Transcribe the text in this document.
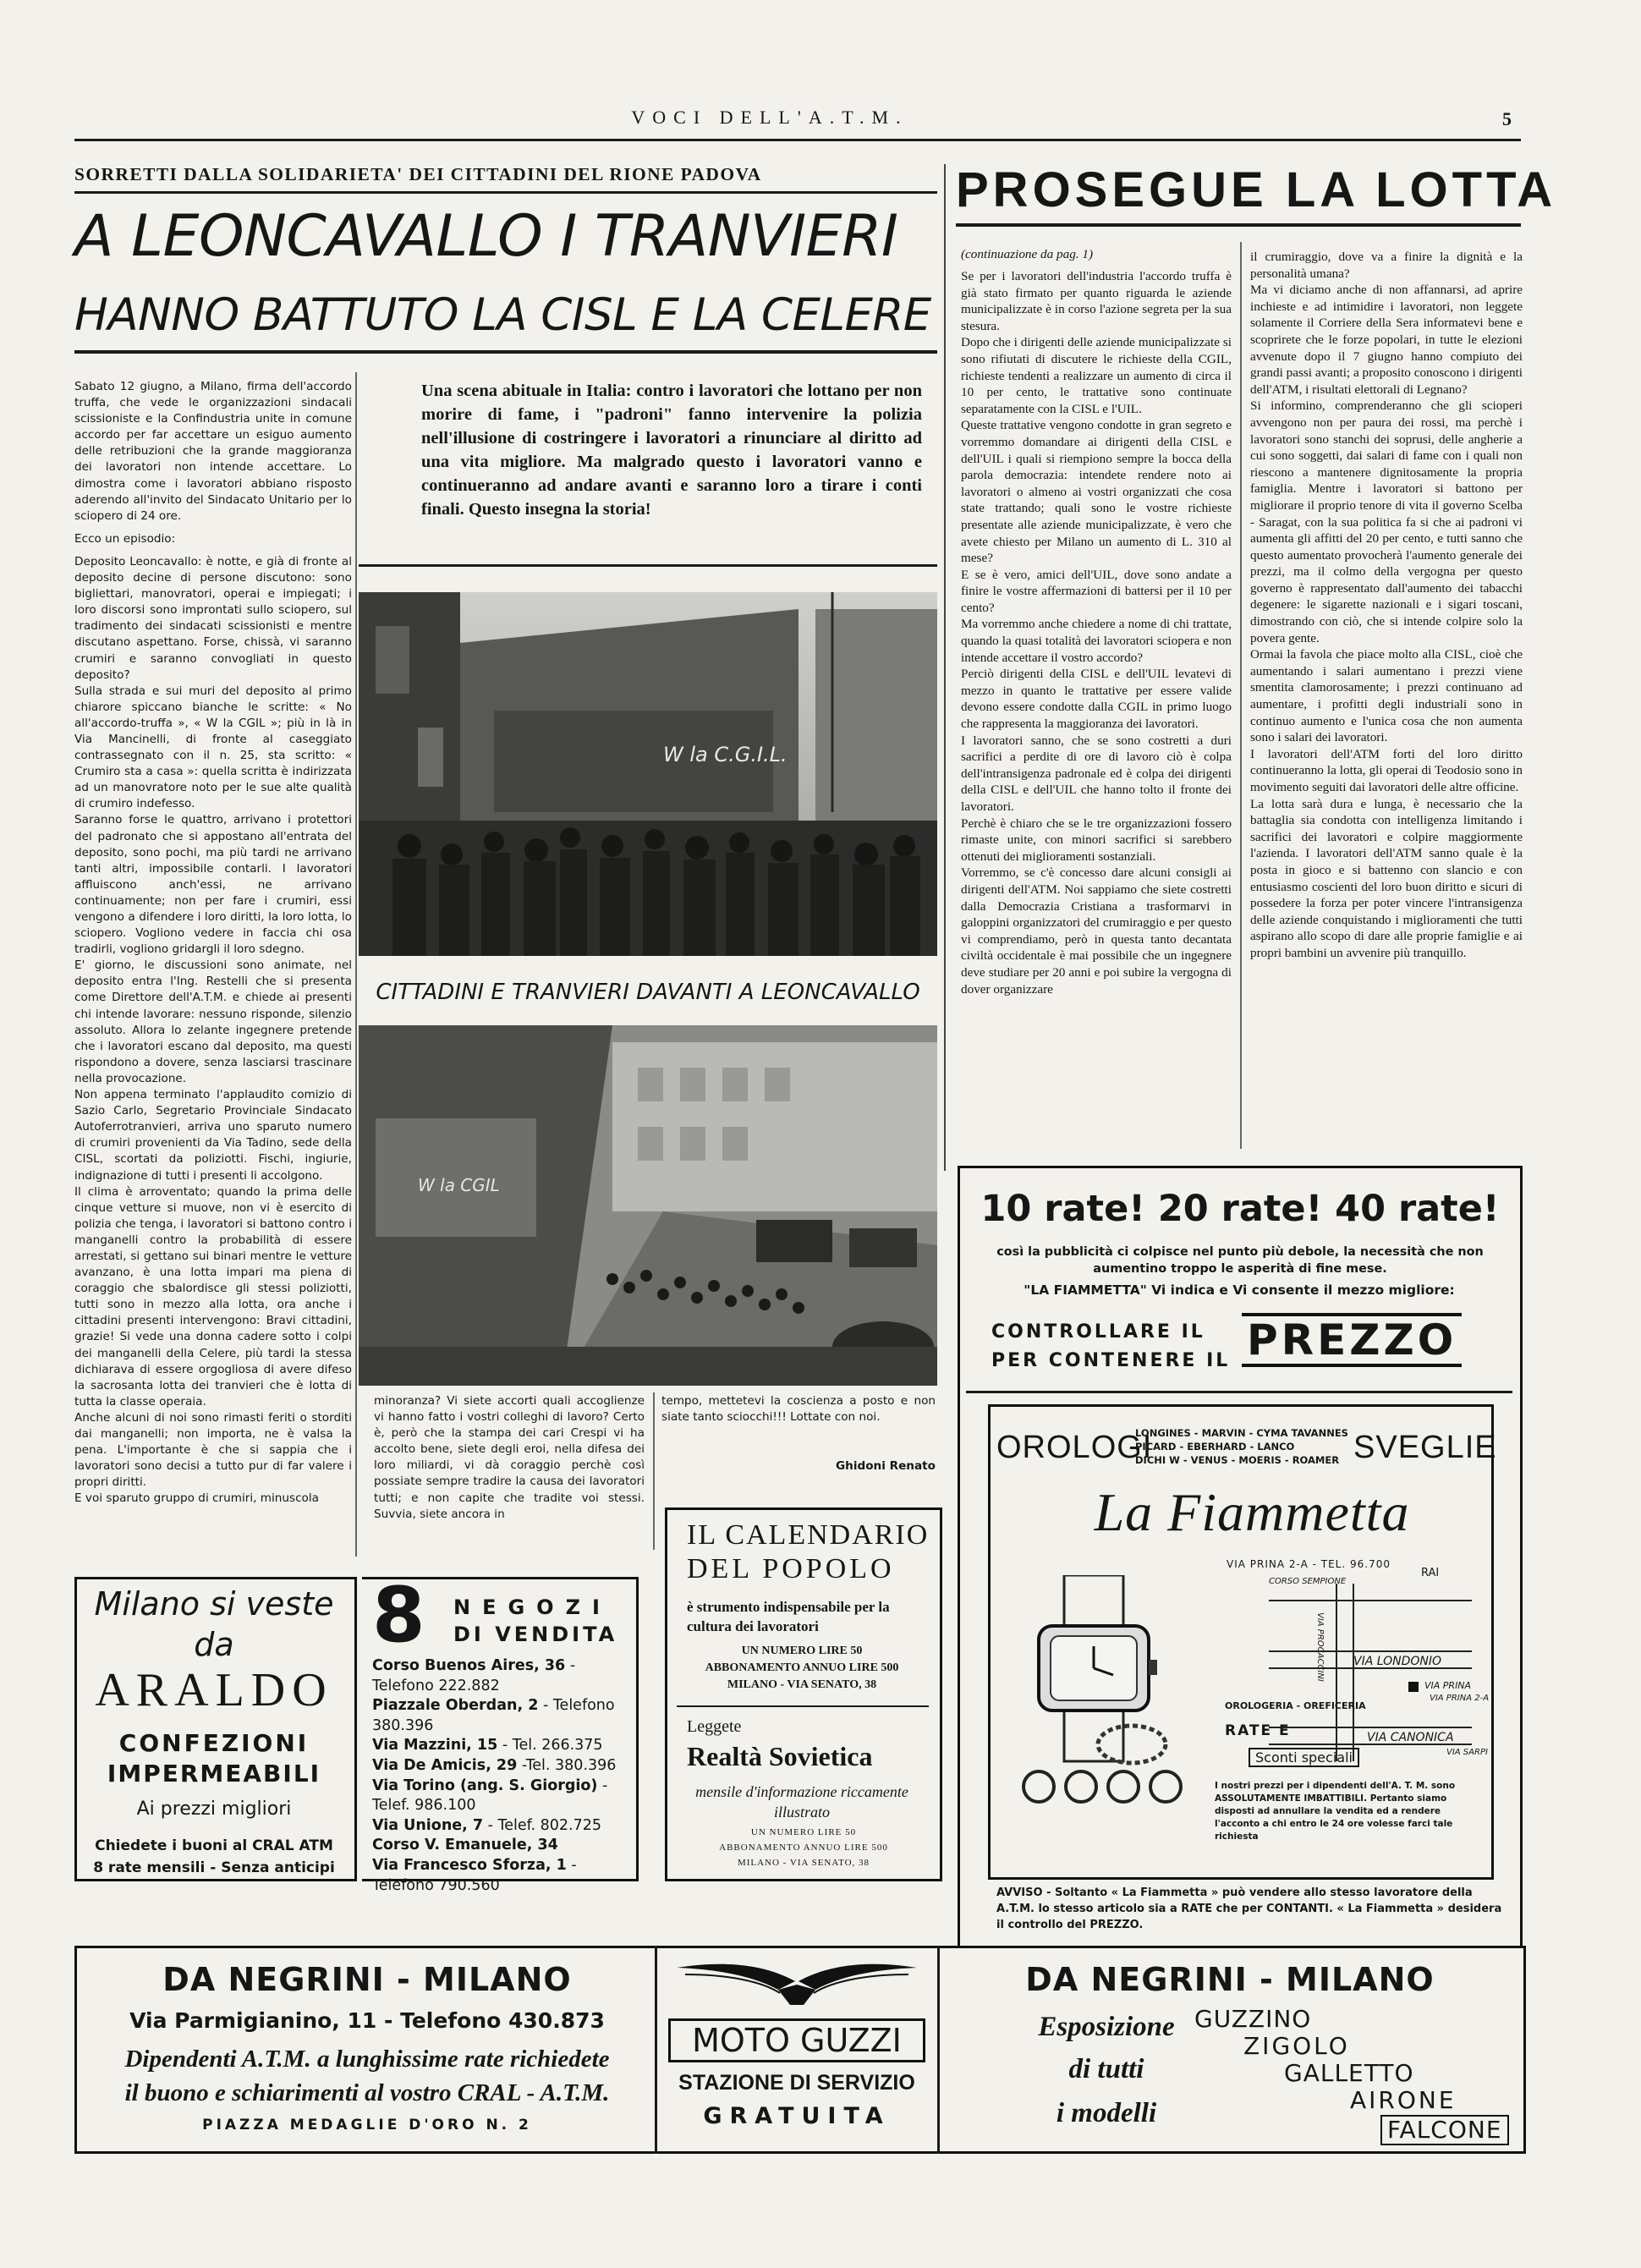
VOCI DELL'A.T.M.	5
SORRETTI DALLA SOLIDARIETA' DEI CITTADINI DEL RIONE PADOVA
A LEONCAVALLO I TRANVIERI
HANNO BATTUTO LA CISL E LA CELERE

Sabato 12 giugno, a Milano, firma dell'accordo truffa, che vede le organizzazioni sindacali scissioniste e la Confindustria unite in comune accordo per far accettare un esiguo aumento delle retribuzioni che la grande maggioranza dei lavoratori non intende accettare. Lo dimostra come i lavoratori abbiano risposto aderendo all'invito del Sindacato Unitario per lo sciopero di 24 ore.

Ecco un episodio:

Deposito Leoncavallo: è notte, e già di fronte al deposito decine di persone discutono: sono bigliettari, manovratori, operai e impiegati; i loro discorsi sono improntati sullo sciopero, sul tradimento dei sindacati scissionisti e mentre discutano aspettano. Forse, chissà, vi saranno crumiri e saranno convogliati in questo deposito?

Sulla strada e sui muri del deposito al primo chiarore spiccano bianche le scritte: « No all'accordo-truffa », « W la CGIL »; più in là in Via Mancinelli, di fronte al caseggiato contrassegnato con il n. 25, sta scritto: « Crumiro sta a casa »: quella scritta è indirizzata ad un manovratore noto per le sue alte qualità di crumiro indefesso.

Saranno forse le quattro, arrivano i protettori del padronato che si appostano all'entrata del deposito, sono pochi, ma più tardi ne arrivano tanti altri, impossibile contarli. I lavoratori affluiscono anch'essi, ne arrivano continuamente; non per fare i crumiri, essi vengono a difendere i loro diritti, la loro lotta, lo sciopero. Vogliono vedere in faccia chi osa tradirli, vogliono gridargli il loro sdegno.

E' giorno, le discussioni sono animate, nel deposito entra l'Ing. Restelli che si presenta come Direttore dell'A.T.M. e chiede ai presenti chi intende lavorare: nessuno risponde, silenzio assoluto. Allora lo zelante ingegnere pretende che i lavoratori escano dal deposito, ma questi rispondono a dovere, senza lasciarsi trascinare nella provocazione.

Non appena terminato l'applaudito comizio di Sazio Carlo, Segretario Provinciale Sindacato Autoferrotranvieri, arriva uno sparuto numero di crumiri provenienti da Via Tadino, sede della CISL, scortati da poliziotti. Fischi, ingiurie, indignazione di tutti i presenti li accolgono.

Il clima è arroventato; quando la prima delle cinque vetture si muove, non vi è esercito di polizia che tenga, i lavoratori si battono contro i manganelli contro la probabilità di essere arrestati, si gettano sui binari mentre le vetture avanzano, è una lotta impari ma piena di coraggio che sbalordisce gli stessi poliziotti, tutti sono in mezzo alla lotta, ora anche i cittadini presenti intervengono: Bravi cittadini, grazie! Si vede una donna cadere sotto i colpi dei manganelli della Celere, più tardi la stessa dichiarava di essere orgogliosa di avere difeso la sacrosanta lotta dei tranvieri che è lotta di tutta la classe operaia.

Anche alcuni di noi sono rimasti feriti o storditi dai manganelli; non importa, ne è valsa la pena. L'importante è che si sappia che i lavoratori sono decisi a tutto pur di far valere i propri diritti.

E voi sparuto gruppo di crumiri, minuscola

Una scena abituale in Italia: contro i lavoratori che lottano per non morire di fame, i "padroni" fanno intervenire la polizia nell'illusione di costringere i lavoratori a rinunciare al diritto ad una vita migliore. Ma malgrado questo i lavoratori vanno e continueranno ad andare avanti e saranno loro a tirare i conti finali. Questo insegna la storia!
W la C.G.I.L.
CITTADINI E TRANVIERI DAVANTI A LEONCAVALLO
W la CGIL
minoranza? Vi siete accorti quali accoglienze vi hanno fatto i vostri colleghi di lavoro? Certo è, però che la stampa dei cari Crespi vi ha accolto bene, siete degli eroi, nella difesa dei loro miliardi, vi dà coraggio perchè così possiate sempre tradire la causa dei lavoratori tutti; e non capite che tradite voi stessi. Suvvia, siete ancora in
tempo, mettetevi la coscienza a posto e non siate tanto sciocchi!!! Lottate con noi.
Ghidoni Renato
PROSEGUE LA LOTTA
(continuazione da pag. 1)

Se per i lavoratori dell'industria l'accordo truffa è già stato firmato per quanto riguarda le aziende municipalizzate è in corso l'azione segreta per la sua stesura.

Dopo che i dirigenti delle aziende municipalizzate si sono rifiutati di discutere le richieste della CGIL, richieste tendenti a realizzare un aumento di circa il 10 per cento, le trattative sono continuate separatamente con la CISL e l'UIL.

Queste trattative vengono condotte in gran segreto e vorremmo domandare ai dirigenti della CISL e dell'UIL i quali si riempiono sempre la bocca della parola democrazia: intendete rendere noto ai lavoratori o almeno ai vostri organizzati che cosa state trattando; quali sono le vostre richieste presentate alle aziende municipalizzate, è vero che avete chiesto per Milano un aumento di L. 310 al mese?

E se è vero, amici dell'UIL, dove sono andate a finire le vostre affermazioni di battersi per il 10 per cento?

Ma vorremmo anche chiedere a nome di chi trattate, quando la quasi totalità dei lavoratori sciopera e non intende accettare il vostro accordo?

Perciò dirigenti della CISL e dell'UIL levatevi di mezzo in quanto le trattative per essere valide devono essere condotte dalla CGIL in primo luogo che rappresenta la maggioranza dei lavoratori.

I lavoratori sanno, che se sono costretti a duri sacrifici a perdite di ore di lavoro ciò è colpa dell'intransigenza padronale ed è colpa dei dirigenti della CISL e dell'UIL che hanno tolto il fronte dei lavoratori.

Perchè è chiaro che se le tre organizzazioni fossero rimaste unite, con minori sacrifici si sarebbero ottenuti dei miglioramenti sostanziali.

Vorremmo, se c'è concesso dare alcuni consigli ai dirigenti dell'ATM. Noi sappiamo che siete costretti dalla Democrazia Cristiana a trasformarvi in galoppini organizzatori del crumiraggio e per questo vi comprendiamo, però in questa tanto decantata civiltà occidentale è mai possibile che un ingegnere deve studiare per 20 anni e poi subire la vergogna di dover organizzare

il crumiraggio, dove va a finire la dignità e la personalità umana?

Ma vi diciamo anche di non affannarsi, ad aprire inchieste e ad intimidire i lavoratori, non leggete solamente il Corriere della Sera informatevi bene e scoprirete che le forze popolari, in tutte le elezioni avvenute dopo il 7 giugno hanno compiuto dei grandi passi avanti; a proposito conoscono i dirigenti dell'ATM, i risultati elettorali di Legnano?

Si informino, comprenderanno che gli scioperi avvengono non per paura dei rossi, ma perchè i lavoratori sono stanchi dei soprusi, delle angherie a cui sono soggetti, dai salari di fame con i quali non riescono a mantenere dignitosamente la propria famiglia. Mentre i lavoratori si battono per migliorare il proprio tenore di vita il governo Scelba - Saragat, con la sua politica fa si che ai padroni vi aumenta gli affitti del 20 per cento, e tutti sanno che questo aumentato provocherà l'aumento generale dei prezzi, ma il colmo della vergogna per questo governo è rappresentato dall'aumento dei tabacchi degenere: le sigarette nazionali e i sigari toscani, dimostrando con ciò, che si intende colpire solo la povera gente.

Ormai la favola che piace molto alla CISL, cioè che aumentando i salari aumentano i prezzi viene smentita clamorosamente; i prezzi continuano ad aumentare, i profitti degli industriali sono in continuo aumento e l'unica cosa che non aumenta sono i salari dei lavoratori.

I lavoratori dell'ATM forti del loro diritto continueranno la lotta, gli operai di Teodosio sono in movimento seguiti dai lavoratori delle altre officine.

La lotta sarà dura e lunga, è necessario che la battaglia sia condotta con intelligenza limitando i sacrifici dei lavoratori e colpire maggiormente l'azienda. I lavoratori dell'ATM sanno quale è la posta in gioco e si battenno con slancio e con entusiasmo coscienti del loro buon diritto e sicuri di possedere la forza per poter vincere l'intransigenza delle aziende conquistando i miglioramenti che tutti aspirano allo scopo di dare alle proprie famiglie e ai propri bambini un avvenire più tranquillo.

10 rate! 20 rate! 40 rate!
così la pubblicità ci colpisce nel punto più debole, la necessità che non aumentino troppo le asperità di fine mese.
"LA FIAMMETTA" Vi indica e Vi consente il mezzo migliore:
CONTROLLARE IL
PER CONTENERE IL PREZZO
OROLOGI
LONGINES - MARVIN - CYMA TAVANNES
PICARD - EBERHARD - LANCO
DICHI W - VENUS - MOERIS - ROAMER SVEGLIE
La Fiammetta
VIA PRINA 2-A - TEL. 96.700
CORSO SEMPIONE
RAI
VIA PROCACCINI VIA LONDONIO
VIA PRINA
VIA PRINA 2-A
VIA CANONICA
VIA SARPI
OROLOGERIA - OREFICERIA
RATE E
Sconti speciali
I nostri prezzi per i dipendenti dell'A. T. M. sono ASSOLUTAMENTE IMBATTIBILI. Pertanto siamo disposti ad annullare la vendita ed a rendere l'acconto a chi entro le 24 ore volesse farci tale richiesta
AVVISO - Soltanto « La Fiammetta » può vendere allo stesso lavoratore della A.T.M. lo stesso articolo sia a RATE che per CONTANTI. « La Fiammetta » desidera il controllo del PREZZO.
Milano si veste
da
ARALDO
CONFEZIONI
IMPERMEABILI
Ai prezzi migliori
Chiedete i buoni al CRAL ATM
8 rate mensili - Senza anticipi
8 NEGOZI
DI VENDITA
Corso Buenos Aires, 36 - Telefono 222.882
Piazzale Oberdan, 2 - Telefono 380.396
Via Mazzini, 15 - Tel. 266.375
Via De Amicis, 29 -Tel. 380.396
Via Torino (ang. S. Giorgio) - Telef. 986.100
Via Unione, 7 - Telef. 802.725
Corso V. Emanuele, 34
Via Francesco Sforza, 1 - Telefono 790.560
IL CALENDARIO
DEL POPOLO
è strumento indispensabile per la cultura dei lavoratori
UN NUMERO LIRE 50
ABBONAMENTO ANNUO LIRE 500
MILANO - VIA SENATO, 38
Leggete
Realtà Sovietica
mensile d'informazione riccamente illustrato
UN NUMERO LIRE 50
ABBONAMENTO ANNUO LIRE 500
MILANO - VIA SENATO, 38
DA NEGRINI - MILANO
Via Parmigianino, 11 - Telefono 430.873
Dipendenti A.T.M. a lunghissime rate richiedete
il buono e schiarimenti al vostro CRAL - A.T.M.
PIAZZA MEDAGLIE D'ORO N. 2
MOTO GUZZI
STAZIONE DI SERVIZIO
GRATUITA
DA NEGRINI - MILANO
Esposizione
di tutti
i modelli
GUZZINO
ZIGOLO
GALLETTO
AIRONE
FALCONE
